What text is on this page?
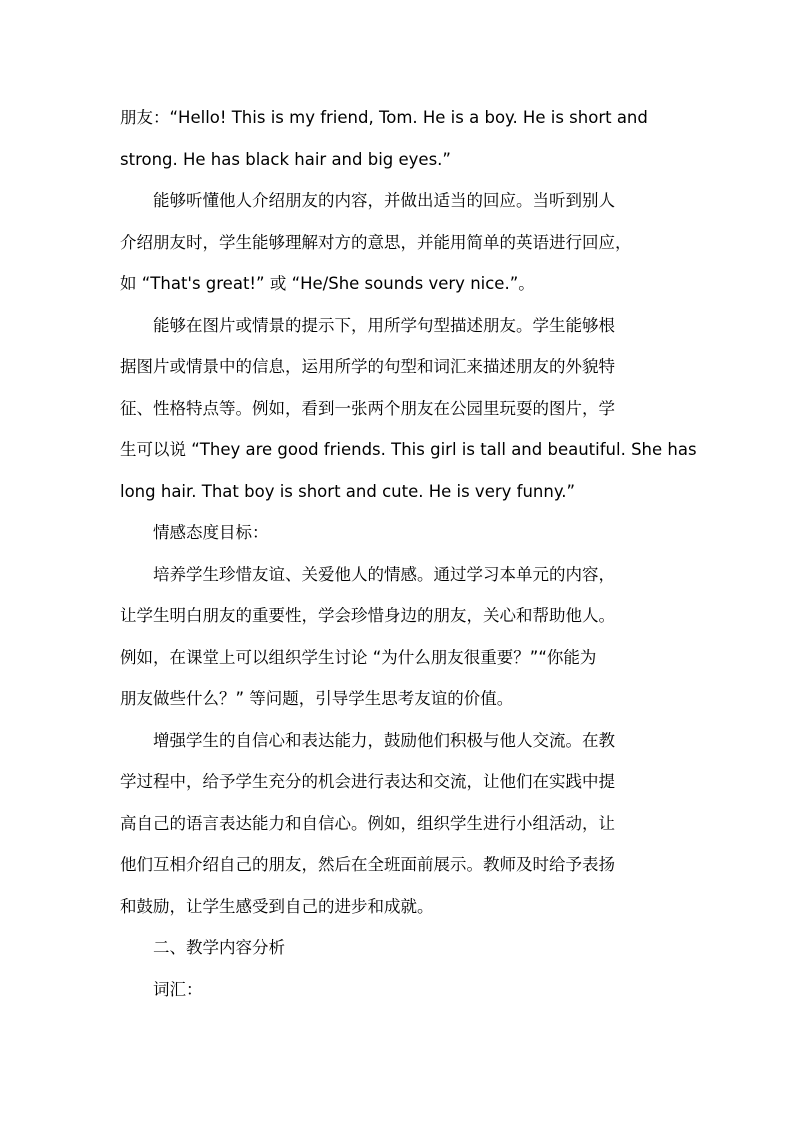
朋友：“Hello! This is my friend, Tom. He is a boy. He is short and
strong. He has black hair and big eyes.”
能够听懂他人介绍朋友的内容，并做出适当的回应。当听到别人
介绍朋友时，学生能够理解对方的意思，并能用简单的英语进行回应，
如 “That's great!” 或 “He/She sounds very nice.”。
能够在图片或情景的提示下，用所学句型描述朋友。学生能够根
据图片或情景中的信息，运用所学的句型和词汇来描述朋友的外貌特
征、性格特点等。例如，看到一张两个朋友在公园里玩耍的图片，学
生可以说 “They are good friends. This girl is tall and beautiful. She has
long hair. That boy is short and cute. He is very funny.”
情感态度目标：
培养学生珍惜友谊、关爱他人的情感。通过学习本单元的内容，
让学生明白朋友的重要性，学会珍惜身边的朋友，关心和帮助他人。
例如，在课堂上可以组织学生讨论 “为什么朋友很重要？”“你能为
朋友做些什么？” 等问题，引导学生思考友谊的价值。
增强学生的自信心和表达能力，鼓励他们积极与他人交流。在教
学过程中，给予学生充分的机会进行表达和交流，让他们在实践中提
高自己的语言表达能力和自信心。例如，组织学生进行小组活动，让
他们互相介绍自己的朋友，然后在全班面前展示。教师及时给予表扬
和鼓励，让学生感受到自己的进步和成就。
二、教学内容分析
词汇：
